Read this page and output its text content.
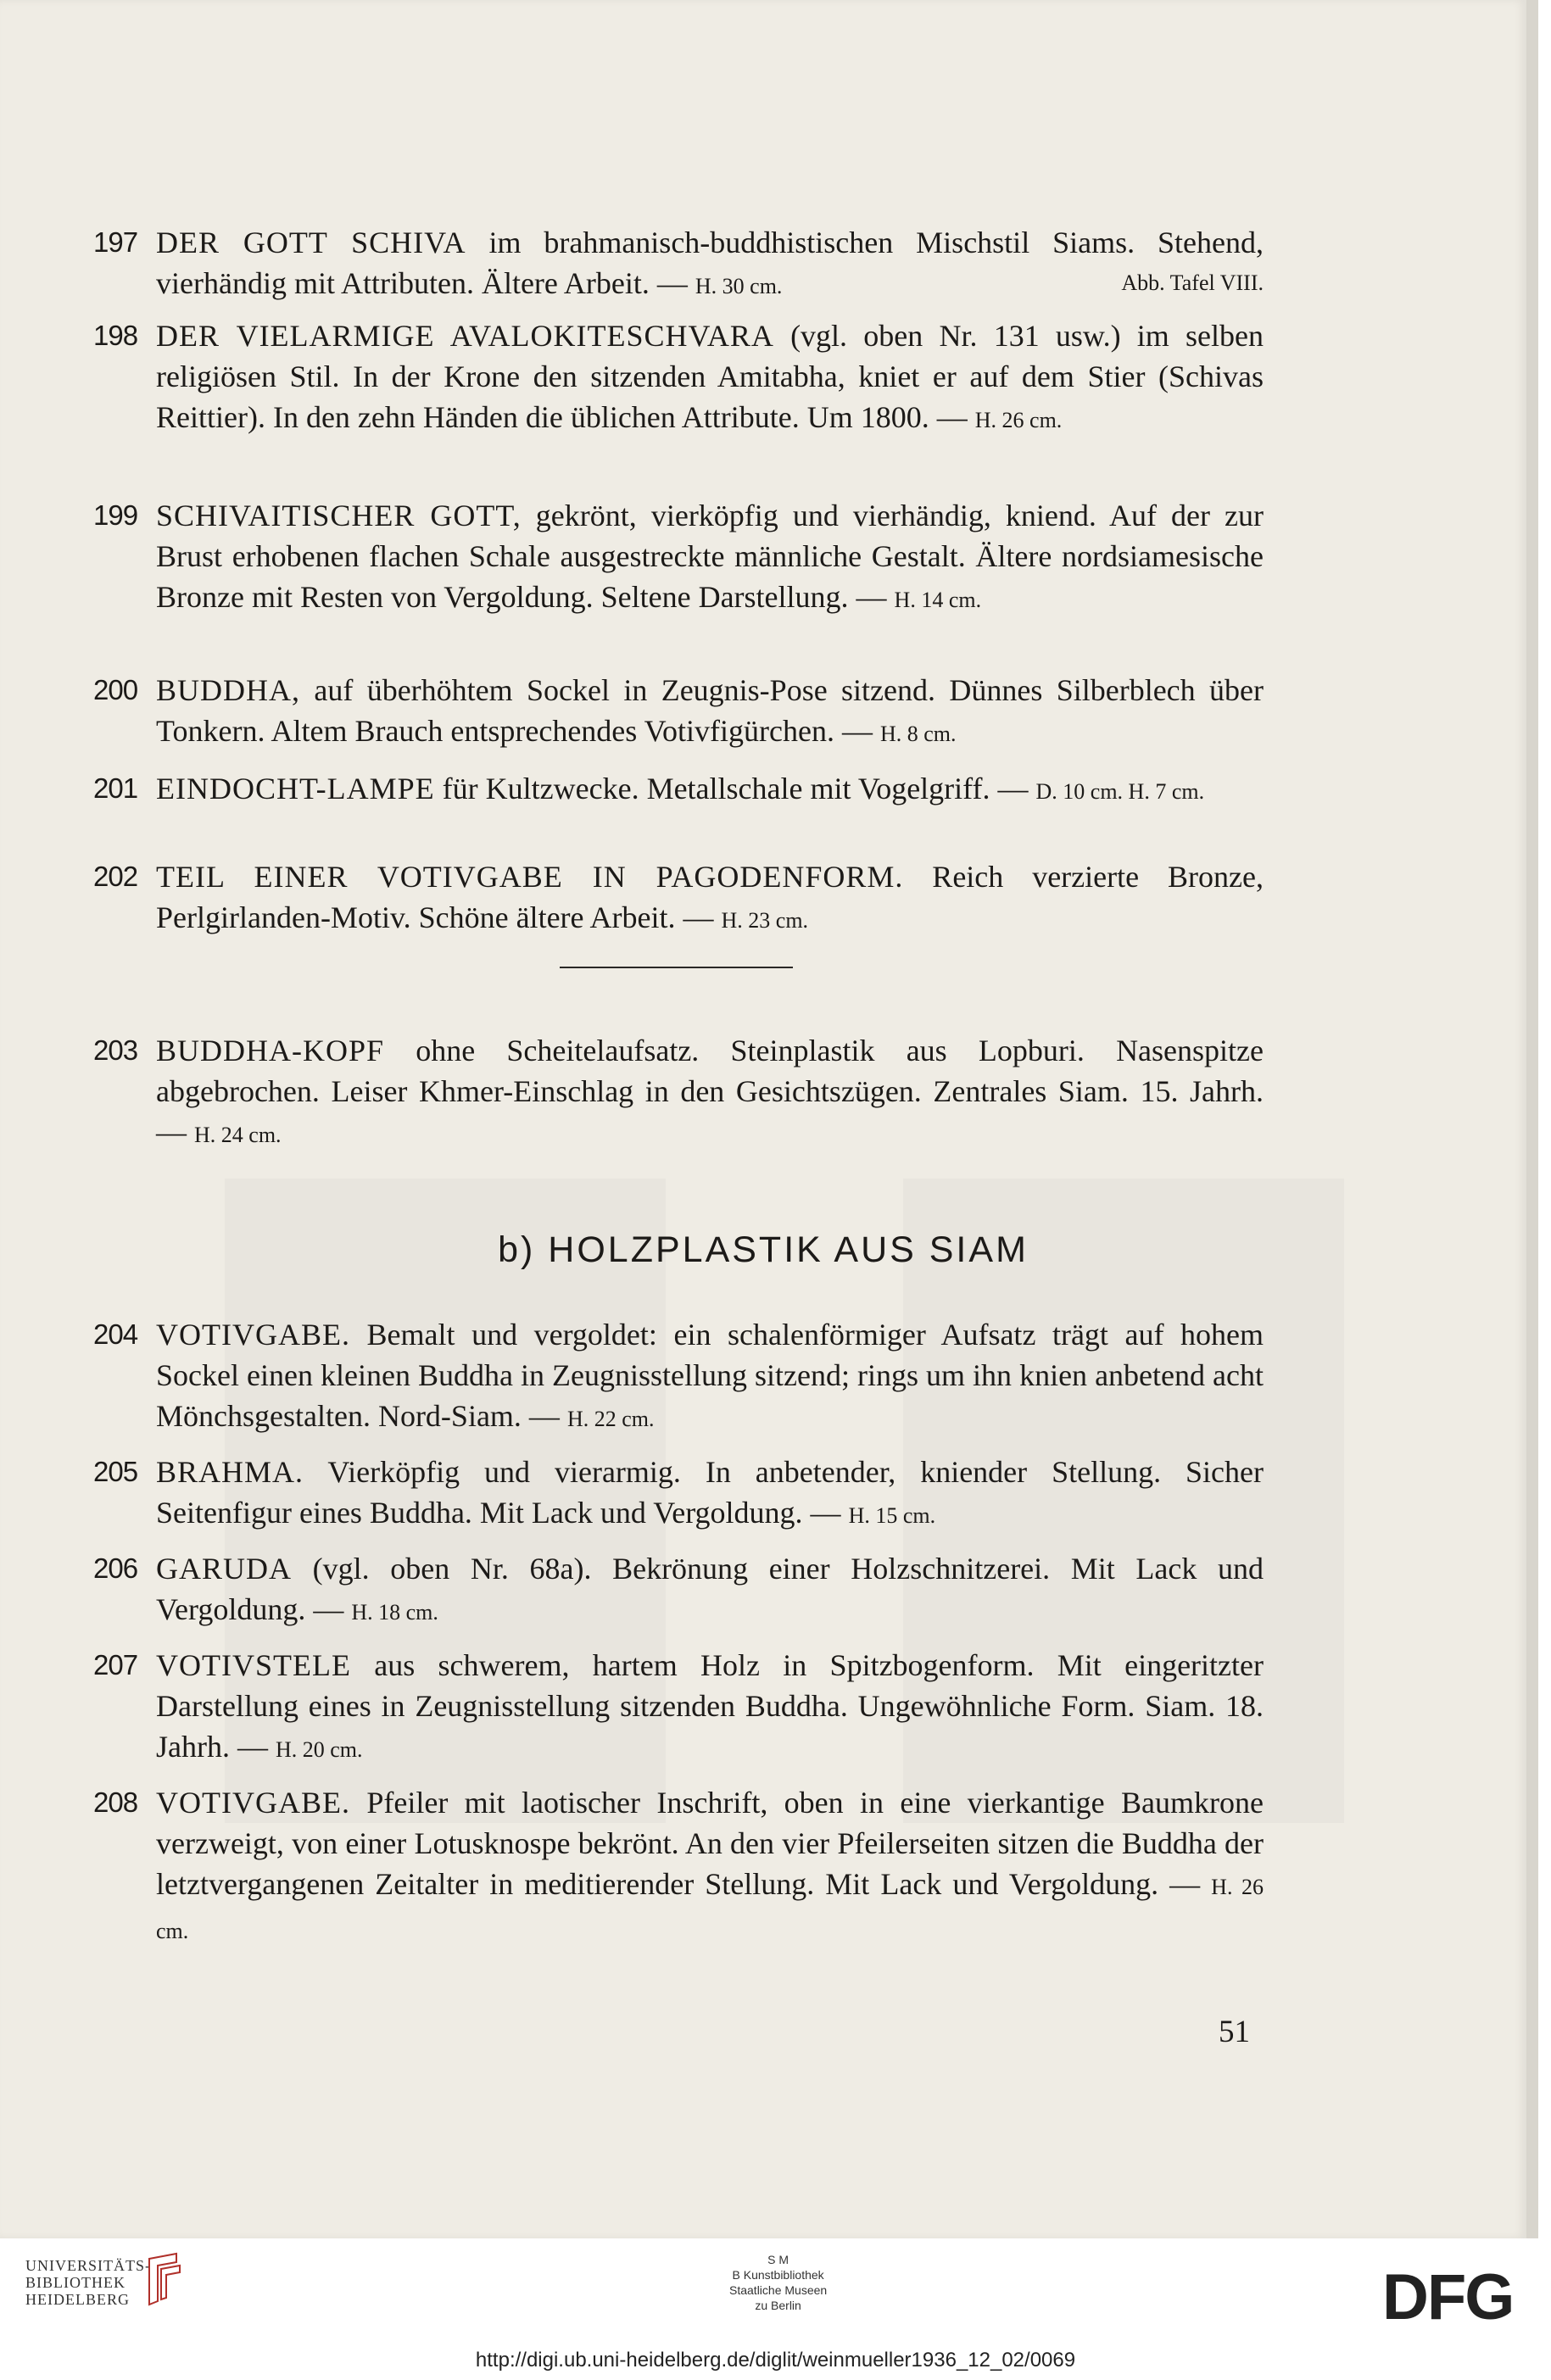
197 DER GOTT SCHIVA im brahmanisch-buddhistischen Mischstil Siams. Stehend, vierhändig mit Attributen. Ältere Arbeit. — H. 30 cm.	Abb. Tafel VIII.
198 DER VIELARMIGE AVALOKITESCHVARA (vgl. oben Nr. 131 usw.) im selben religiösen Stil. In der Krone den sitzenden Amitabha, kniet er auf dem Stier (Schivas Reittier). In den zehn Händen die üblichen Attribute. Um 1800. — H. 26 cm.
199 SCHIVAITISCHER GOTT, gekrönt, vierköpfig und vierhändig, kniend. Auf der zur Brust erhobenen flachen Schale ausgestreckte männliche Gestalt. Ältere nordsiamesische Bronze mit Resten von Vergoldung. Seltene Darstellung. — H. 14 cm.
200 BUDDHA, auf überhöhtem Sockel in Zeugnis-Pose sitzend. Dünnes Silberblech über Tonkern. Altem Brauch entsprechendes Votivfigürchen. — H. 8 cm.
201 EINDOCHT-LAMPE für Kultzwecke. Metallschale mit Vogelgriff. — D. 10 cm. H. 7 cm.
202 TEIL EINER VOTIVGABE IN PAGODENFORM. Reich verzierte Bronze, Perlgirlanden-Motiv. Schöne ältere Arbeit. — H. 23 cm.
203 BUDDHA-KOPF ohne Scheitelaufsatz. Steinplastik aus Lopburi. Nasenspitze abgebrochen. Leiser Khmer-Einschlag in den Gesichtszügen. Zentrales Siam. 15. Jahrh. — H. 24 cm.
b) HOLZPLASTIK AUS SIAM
204 VOTIVGABE. Bemalt und vergoldet: ein schalenförmiger Aufsatz trägt auf hohem Sockel einen kleinen Buddha in Zeugnisstellung sitzend; rings um ihn knien anbetend acht Mönchsgestalten. Nord-Siam. — H. 22 cm.
205 BRAHMA. Vierköpfig und vierarmig. In anbetender, kniender Stellung. Sicher Seitenfigur eines Buddha. Mit Lack und Vergoldung. — H. 15 cm.
206 GARUDA (vgl. oben Nr. 68a). Bekrönung einer Holzschnitzerei. Mit Lack und Vergoldung. — H. 18 cm.
207 VOTIVSTELE aus schwerem, hartem Holz in Spitzbogenform. Mit eingeritzter Darstellung eines in Zeugnisstellung sitzenden Buddha. Ungewöhnliche Form. Siam. 18. Jahrh. — H. 20 cm.
208 VOTIVGABE. Pfeiler mit laotischer Inschrift, oben in eine vierkantige Baumkrone verzweigt, von einer Lotusknospe bekrönt. An den vier Pfeilerseiten sitzen die Buddha der letztvergangenen Zeitalter in meditierender Stellung. Mit Lack und Vergoldung. — H. 26 cm.
51
UNIVERSITÄTS-
BIBLIOTHEK
HEIDELBERG
S M
B Kunstbibliothek
Staatliche Museen
zu Berlin	DFG
http://digi.ub.uni-heidelberg.de/diglit/weinmueller1936_12_02/0069
